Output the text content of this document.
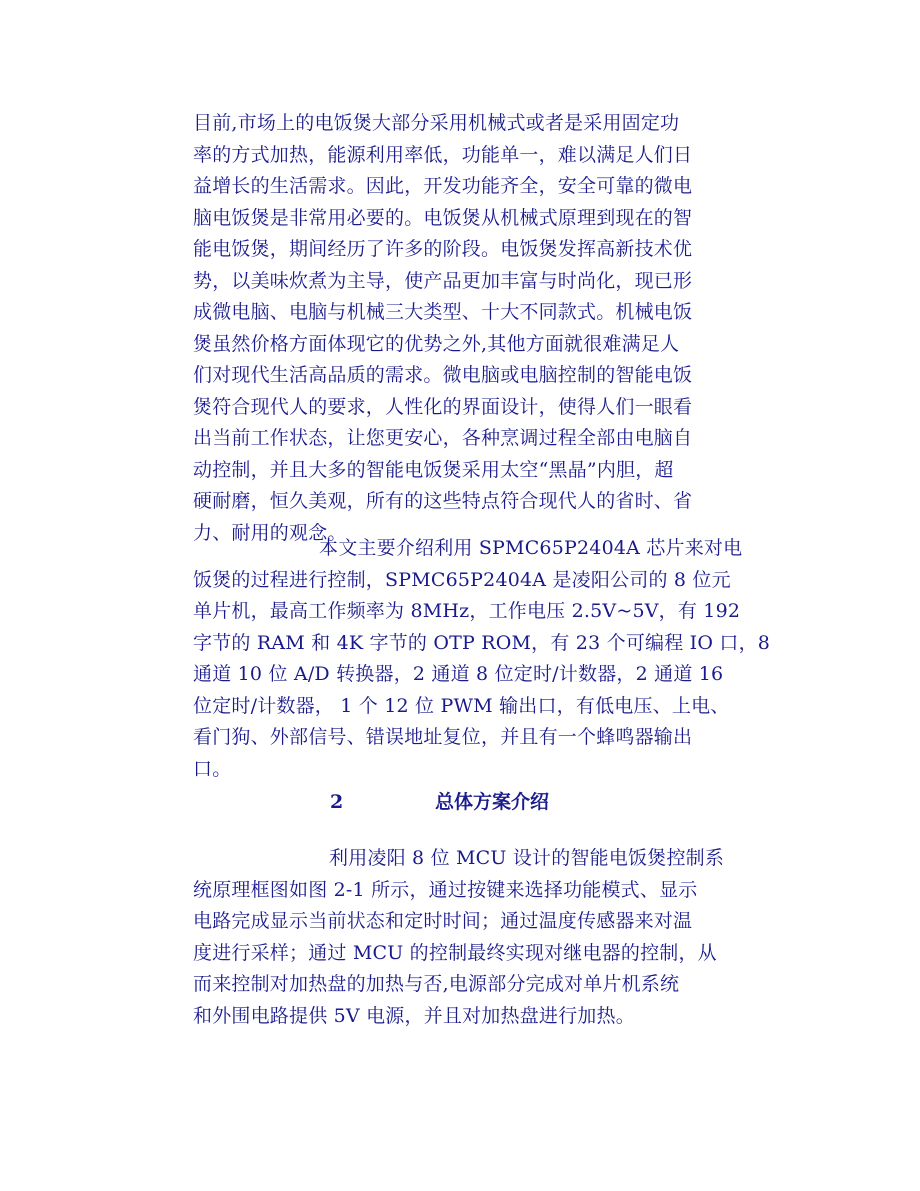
目前,市场上的电饭煲大部分采用机械式或者是采用固定功
率的方式加热，能源利用率低，功能单一，难以满足人们日
益增长的生活需求。因此，开发功能齐全，安全可靠的微电
脑电饭煲是非常用必要的。电饭煲从机械式原理到现在的智
能电饭煲，期间经历了许多的阶段。电饭煲发挥高新技术优
势，以美味炊煮为主导，使产品更加丰富与时尚化，现已形
成微电脑、电脑与机械三大类型、十大不同款式。机械电饭
煲虽然价格方面体现它的优势之外,其他方面就很难满足人
们对现代生活高品质的需求。微电脑或电脑控制的智能电饭
煲符合现代人的要求，人性化的界面设计，使得人们一眼看
出当前工作状态，让您更安心，各种烹调过程全部由电脑自
动控制，并且大多的智能电饭煲采用太空“黑晶”内胆，超
硬耐磨，恒久美观，所有的这些特点符合现代人的省时、省
力、耐用的观念。
本文主要介绍利用 SPMC65P2404A 芯片来对电
饭煲的过程进行控制，SPMC65P2404A 是凌阳公司的 8 位元
单片机，最高工作频率为 8MHz，工作电压 2.5V~5V，有 192
字节的 RAM 和 4K 字节的 OTP ROM，有 23 个可编程 IO 口，8
通道 10 位 A/D 转换器，2 通道 8 位定时/计数器，2 通道 16
位定时/计数器， 1 个 12 位 PWM 输出口，有低电压、上电、
看门狗、外部信号、错误地址复位，并且有一个蜂鸣器输出
口。
2	总体方案介绍
利用凌阳 8 位 MCU 设计的智能电饭煲控制系
统原理框图如图 2-1 所示，通过按键来选择功能模式、显示
电路完成显示当前状态和定时时间；通过温度传感器来对温
度进行采样；通过 MCU 的控制最终实现对继电器的控制，从
而来控制对加热盘的加热与否,电源部分完成对单片机系统
和外围电路提供 5V 电源，并且对加热盘进行加热。
